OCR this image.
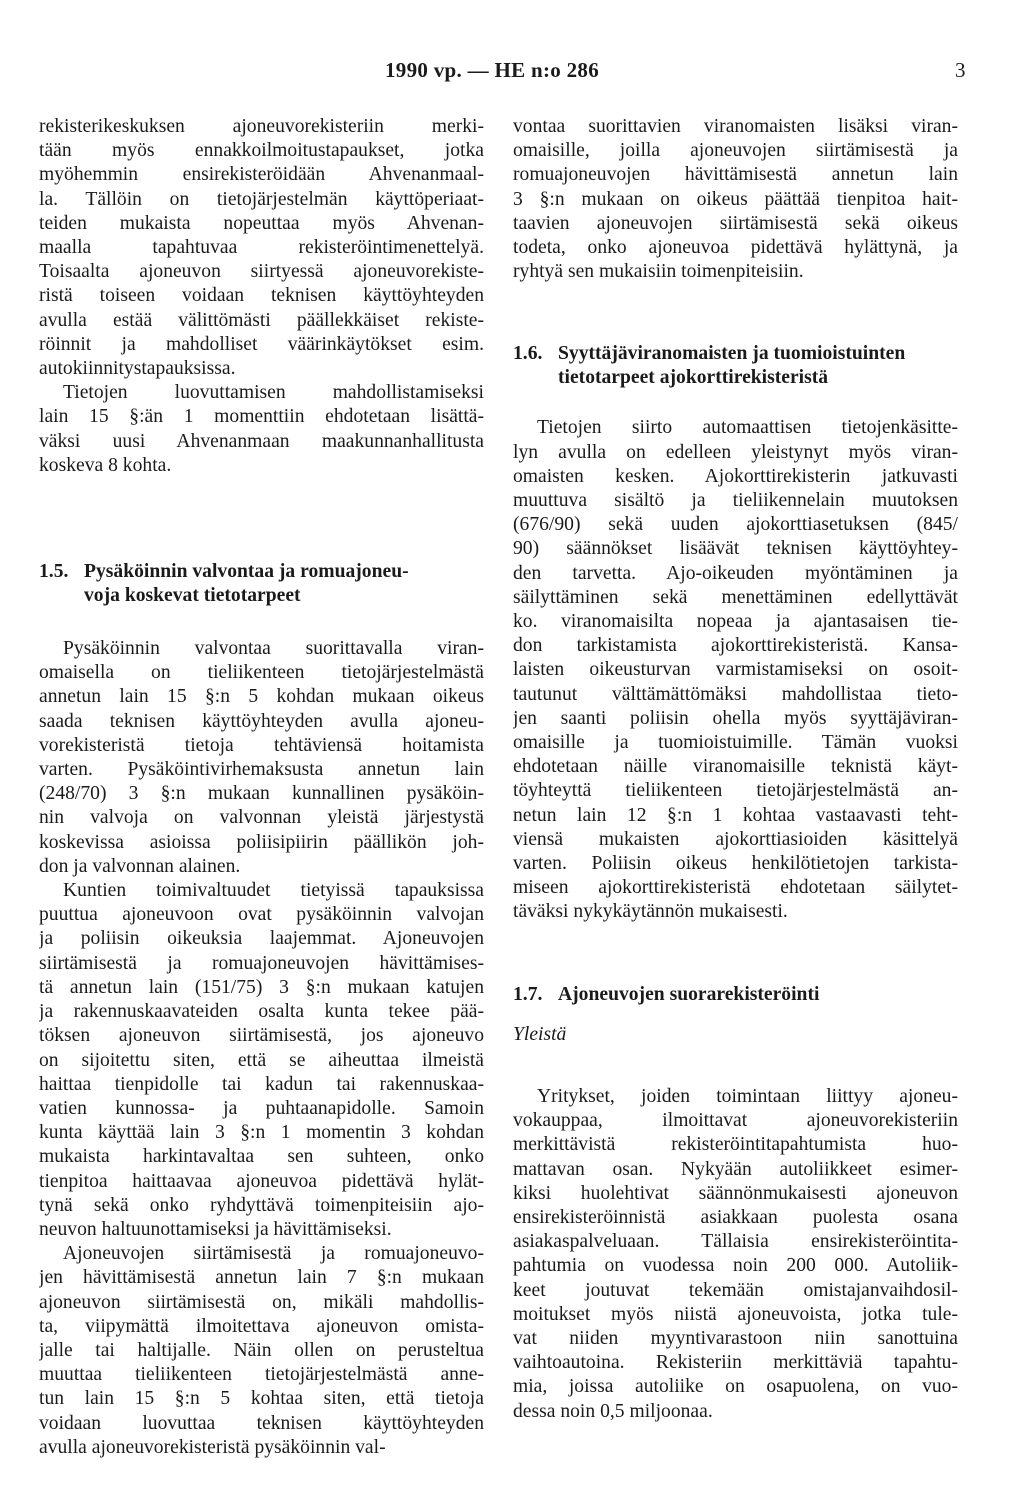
1990 vp. — HE n:o 286	3
rekisterikeskuksen ajoneuvorekisteriin merki-
tään myös ennakkoilmoitustapaukset, jotka
myöhemmin ensirekisteröidään Ahvenanmaal-
la. Tällöin on tietojärjestelmän käyttöperiaat-
teiden mukaista nopeuttaa myös Ahvenan-
maalla tapahtuvaa rekisteröintimenettelyä.
Toisaalta ajoneuvon siirtyessä ajoneuvorekiste-
ristä toiseen voidaan teknisen käyttöyhteyden
avulla estää välittömästi päällekkäiset rekiste-
röinnit ja mahdolliset väärinkäytökset esim.
autokiinnitystapauksissa.
Tietojen luovuttamisen mahdollistamiseksi
lain 15 §:än 1 momenttiin ehdotetaan lisättä-
väksi uusi Ahvenanmaan maakunnanhallitusta
koskeva 8 kohta.
1.5. Pysäköinnin valvontaa ja romuajoneu-
voja koskevat tietotarpeet
Pysäköinnin valvontaa suorittavalla viran-
omaisella on tieliikenteen tietojärjestelmästä
annetun lain 15 §:n 5 kohdan mukaan oikeus
saada teknisen käyttöyhteyden avulla ajoneu-
vorekisteristä tietoja tehtäviensä hoitamista
varten. Pysäköintivirhemaksusta annetun lain
(248/70) 3 §:n mukaan kunnallinen pysäköin-
nin valvoja on valvonnan yleistä järjestystä
koskevissa asioissa poliisipiirin päällikön joh-
don ja valvonnan alainen.
Kuntien toimivaltuudet tietyissä tapauksissa
puuttua ajoneuvoon ovat pysäköinnin valvojan
ja poliisin oikeuksia laajemmat. Ajoneuvojen
siirtämisestä ja romuajoneuvojen hävittämises-
tä annetun lain (151/75) 3 §:n mukaan katujen
ja rakennuskaavateiden osalta kunta tekee pää-
töksen ajoneuvon siirtämisestä, jos ajoneuvo
on sijoitettu siten, että se aiheuttaa ilmeistä
haittaa tienpidolle tai kadun tai rakennuskaa-
vatien kunnossa- ja puhtaanapidolle. Samoin
kunta käyttää lain 3 §:n 1 momentin 3 kohdan
mukaista harkintavaltaa sen suhteen, onko
tienpitoa haittaavaa ajoneuvoa pidettävä hylät-
tynä sekä onko ryhdyttävä toimenpiteisiin ajo-
neuvon haltuunottamiseksi ja hävittämiseksi.
Ajoneuvojen siirtämisestä ja romuajoneuvo-
jen hävittämisestä annetun lain 7 §:n mukaan
ajoneuvon siirtämisestä on, mikäli mahdollis-
ta, viipymättä ilmoitettava ajoneuvon omista-
jalle tai haltijalle. Näin ollen on perusteltua
muuttaa tieliikenteen tietojärjestelmästä anne-
tun lain 15 §:n 5 kohtaa siten, että tietoja
voidaan luovuttaa teknisen käyttöyhteyden
avulla ajoneuvorekisteristä pysäköinnin val-
vontaa suorittavien viranomaisten lisäksi viran-
omaisille, joilla ajoneuvojen siirtämisestä ja
romuajoneuvojen hävittämisestä annetun lain
3 §:n mukaan on oikeus päättää tienpitoa hait-
taavien ajoneuvojen siirtämisestä sekä oikeus
todeta, onko ajoneuvoa pidettävä hylättynä, ja
ryhtyä sen mukaisiin toimenpiteisiin.
1.6. Syyttäjäviranomaisten ja tuomioistuinten
tietotarpeet ajokorttirekisteristä
Tietojen siirto automaattisen tietojenkäsitte-
lyn avulla on edelleen yleistynyt myös viran-
omaisten kesken. Ajokorttirekisterin jatkuvasti
muuttuva sisältö ja tieliikennelain muutoksen
(676/90) sekä uuden ajokorttiasetuksen (845/
90) säännökset lisäävät teknisen käyttöyhtey-
den tarvetta. Ajo-oikeuden myöntäminen ja
säilyttäminen sekä menettäminen edellyttävät
ko. viranomaisilta nopeaa ja ajantasaisen tie-
don tarkistamista ajokorttirekisteristä. Kansa-
laisten oikeusturvan varmistamiseksi on osoit-
tautunut välttämättömäksi mahdollistaa tieto-
jen saanti poliisin ohella myös syyttäjäviran-
omaisille ja tuomioistuimille. Tämän vuoksi
ehdotetaan näille viranomaisille teknistä käyt-
töyhteyttä tieliikenteen tietojärjestelmästä an-
netun lain 12 §:n 1 kohtaa vastaavasti teht-
viensä mukaisten ajokorttiasioiden käsittelyä
varten. Poliisin oikeus henkilötietojen tarkista-
miseen ajokorttirekisteristä ehdotetaan säilytet-
täväksi nykykäytännön mukaisesti.
1.7. Ajoneuvojen suorarekisteröinti
Yleistä
Yritykset, joiden toimintaan liittyy ajoneu-
vokauppaa, ilmoittavat ajoneuvorekisteriin
merkittävistä rekisteröintitapahtumista huo-
mattavan osan. Nykyään autoliikkeet esimer-
kiksi huolehtivat säännönmukaisesti ajoneuvon
ensirekisteröinnistä asiakkaan puolesta osana
asiakaspalveluaan. Tällaisia ensirekisteröintita-
pahtumia on vuodessa noin 200 000. Autoliik-
keet joutuvat tekemään omistajanvaihdosil-
moitukset myös niistä ajoneuvoista, jotka tule-
vat niiden myyntivarastoon niin sanottuina
vaihtoautoina. Rekisteriin merkittäviä tapahtu-
mia, joissa autoliike on osapuolena, on vuo-
dessa noin 0,5 miljoonaa.
